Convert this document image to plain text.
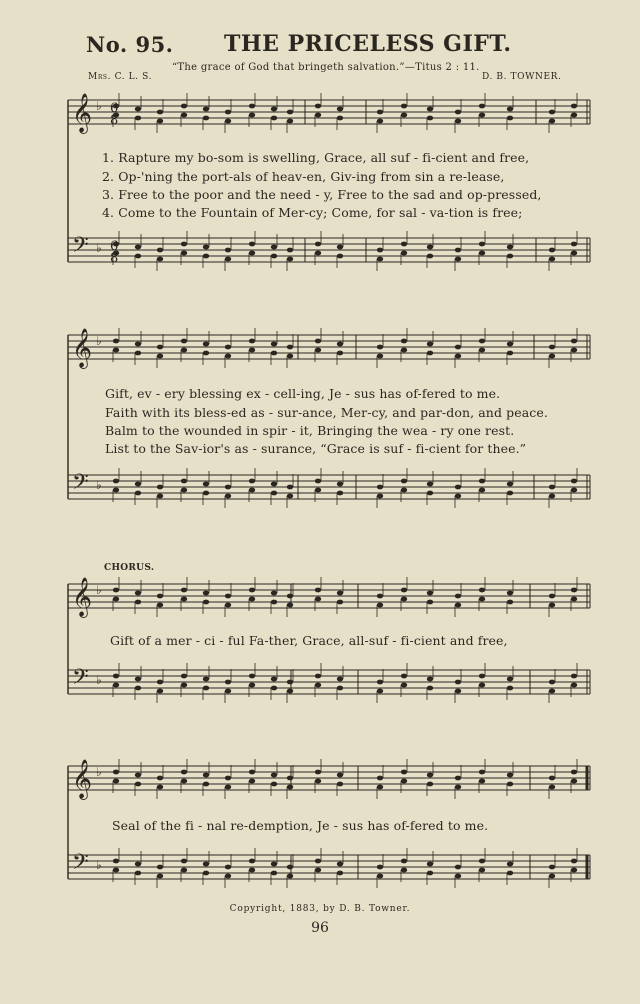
No. 95. THE PRICELESS GIFT.
“The grace of God that bringeth salvation.”—Titus 2 : 11.
Mrs. C. L. S.	D. B. TOWNER.
𝄞
𝄢
♭
♭
𝄞
𝄢
♭
♭
𝄞
𝄢
♭
♭
𝄞
𝄢
♭
♭
6
8
6
8
1. Rapture my bo-som is swelling, Grace, all suf - fi-cient and free,
2. Op-'ning the port-als of heav-en, Giv-ing from sin a re-lease,
3. Free to the poor and the need - y, Free to the sad and op-pressed,
4. Come to the Fountain of Mer-cy; Come, for sal - va-tion is free;
Gift, ev - ery blessing ex - cell-ing, Je - sus has of-fered to me.
Faith with its bless-ed as - sur-ance, Mer-cy, and par-don, and peace.
Balm to the wounded in spir - it, Bringing the wea - ry one rest.
List to the Sav-ior's as - surance, “Grace is suf - fi-cient for thee.”
CHORUS.
Gift of a mer - ci - ful Fa-ther, Grace, all-suf - fi-cient and free,
Seal of the fi - nal re-demption, Je - sus has of-fered to me.
Copyright, 1883, by D. B. Towner.
96
